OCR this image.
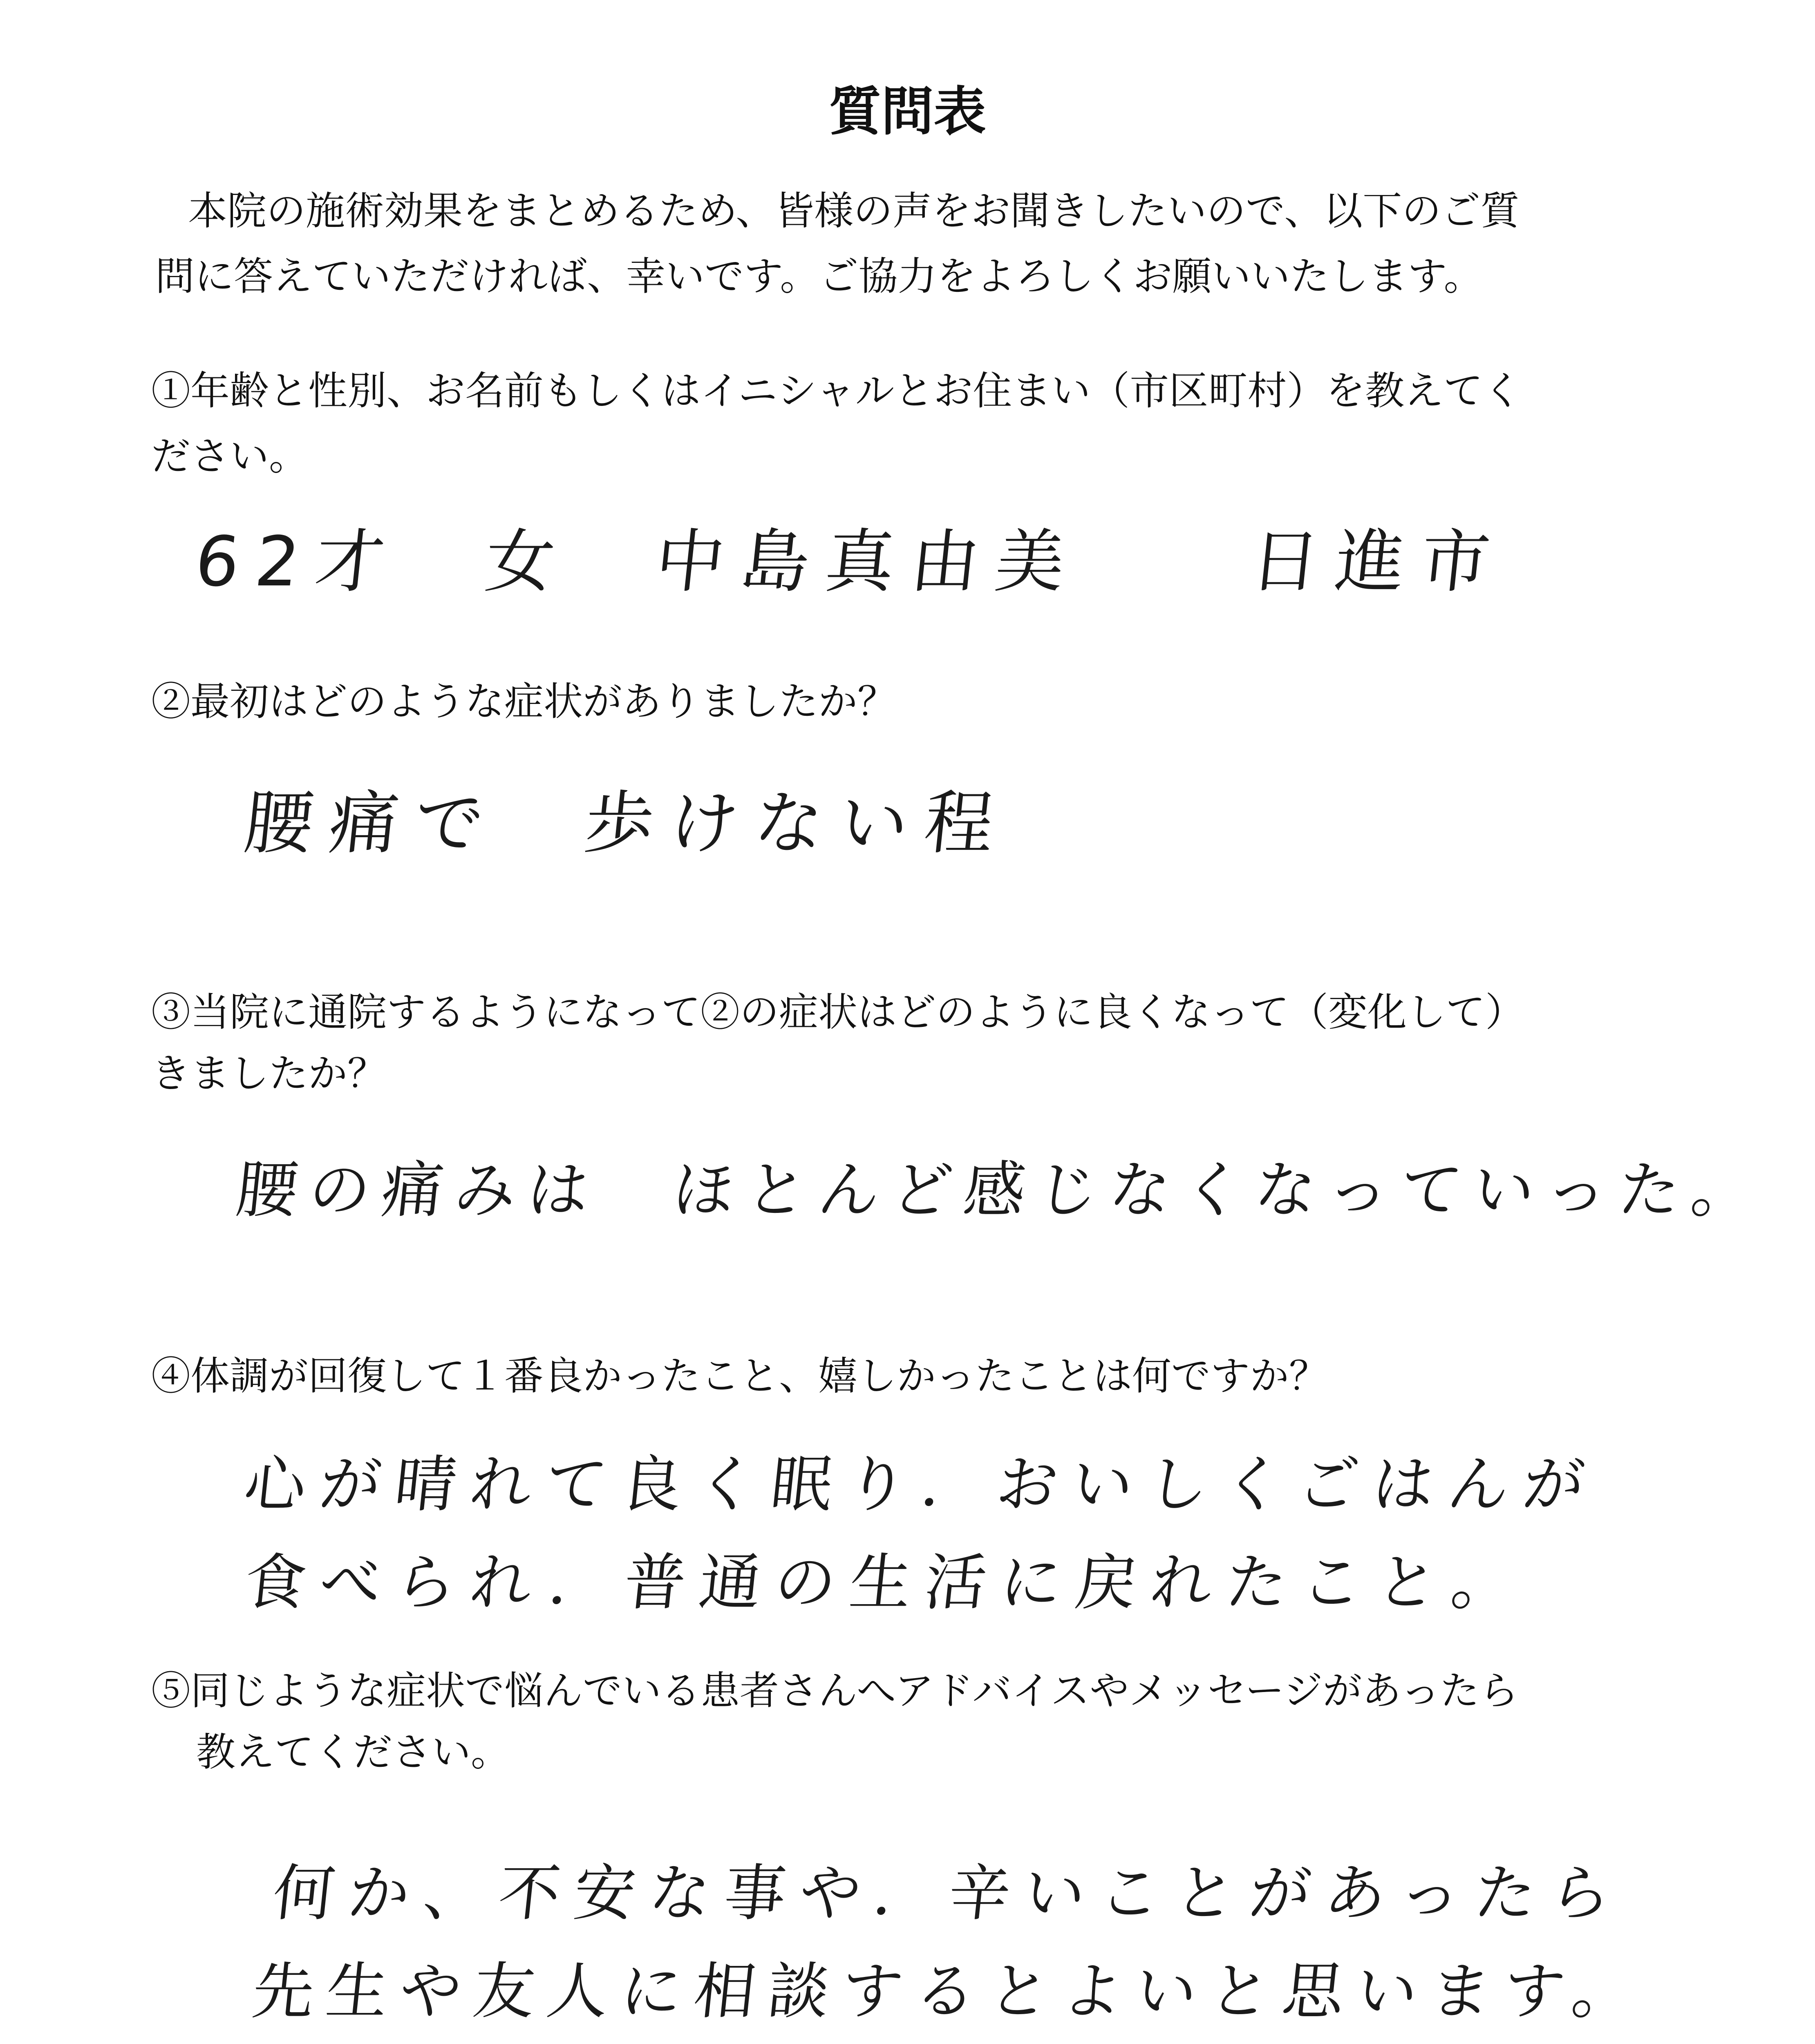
質問表
本院の施術効果をまとめるため、皆様の声をお聞きしたいので、以下のご質
問に答えていただければ、幸いです。ご協力をよろしくお願いいたします。
①年齢と性別、お名前もしくはイニシャルとお住まい（市区町村）を教えてく
ださい。
62才　女　中島真由美　　日進市
②最初はどのような症状がありましたか？
腰痛で　歩けない程
③当院に通院するようになって②の症状はどのように良くなって（変化して）
きましたか？
腰の痛みは　ほとんど感じなくなっていった。
④体調が回復して１番良かったこと、嬉しかったことは何ですか？
心が晴れて良く眠り．おいしくごはんが
食べられ．普通の生活に戻れたこと。
⑤同じような症状で悩んでいる患者さんへアドバイスやメッセージがあったら
教えてください。
何か、不安な事や．辛いことがあったら
先生や友人に相談するとよいと思います。
